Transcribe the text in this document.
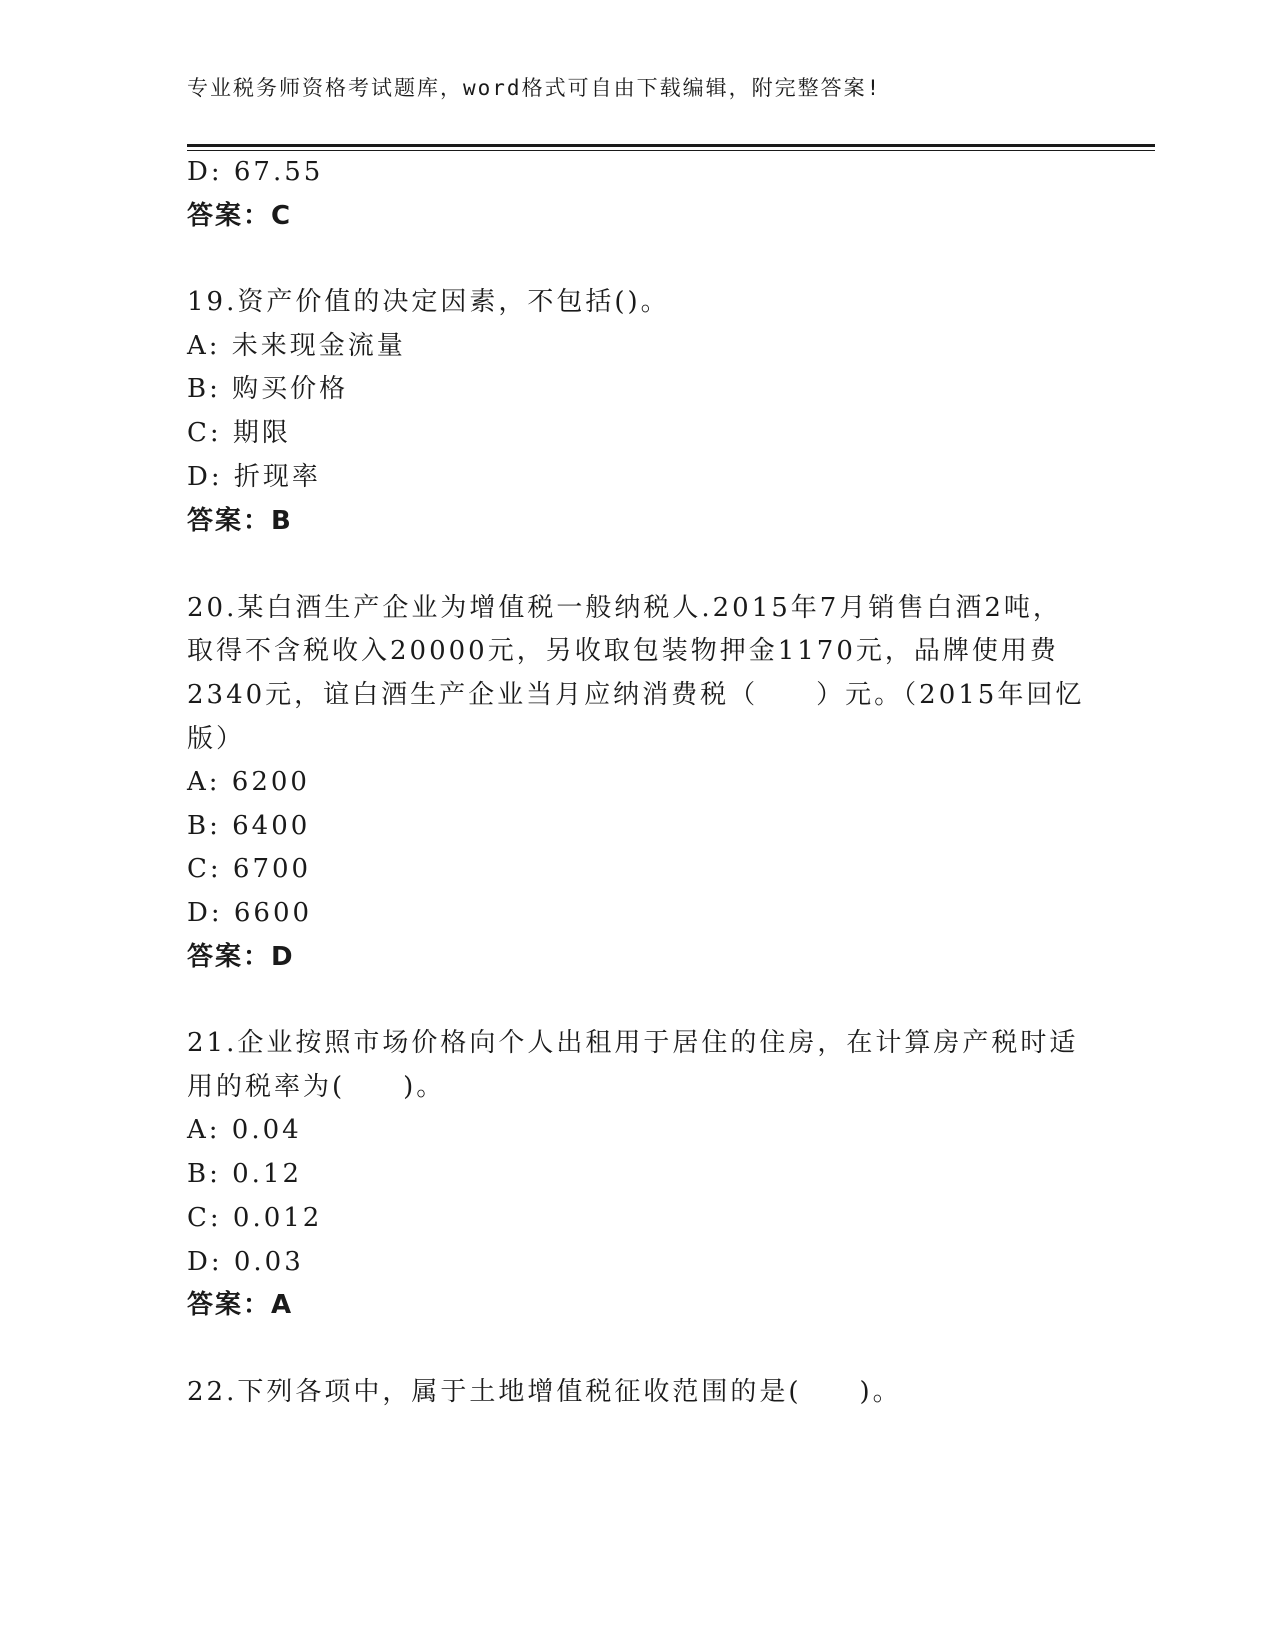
专业税务师资格考试题库，word格式可自由下载编辑，附完整答案!
D: 67.55
答案：C
19.资产价值的决定因素，不包括()。
A: 未来现金流量
B: 购买价格
C: 期限
D: 折现率
答案：B
20.某白酒生产企业为增值税一般纳税人.2015年7月销售白酒2吨，
取得不含税收入20000元，另收取包装物押金1170元，品牌使用费
2340元，谊白酒生产企业当月应纳消费税（　　）元。（2015年回忆
版）
A: 6200
B: 6400
C: 6700
D: 6600
答案：D
21.企业按照市场价格向个人出租用于居住的住房，在计算房产税时适
用的税率为(　　)。
A: 0.04
B: 0.12
C: 0.012
D: 0.03
答案：A
22.下列各项中，属于土地增值税征收范围的是(　　)。
